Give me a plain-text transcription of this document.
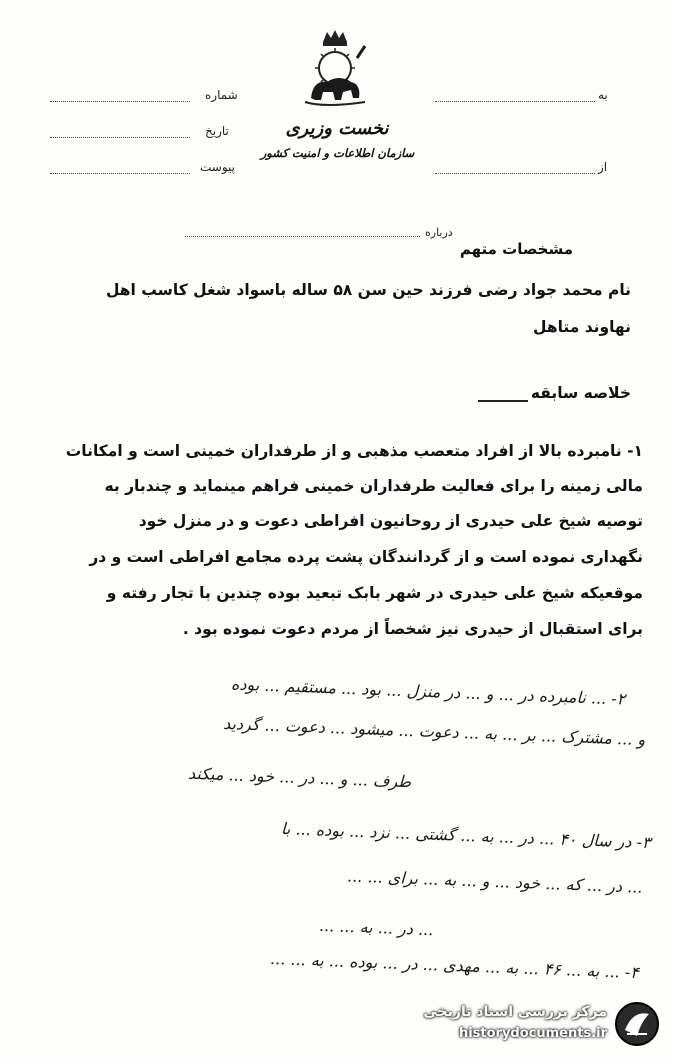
نخست وزیری
سازمان اطلاعات و امنیت کشور
شماره
تاریخ
پیوست
به
از
درباره
مشخصات متهم
نام محمد جواد رضی فرزند حین سن ۵۸ ساله باسواد شغل کاسب اهل
نهاوند متاهل
خلاصه سابقه
۱- نامبرده بالا از افراد متعصب مذهبی و از طرفداران خمینی است و امکانات
مالی زمینه را برای فعالیت طرفداران خمینی فراهم مینماید و چندبار به
توصیه شیخ علی حیدری از روحانیون افراطی دعوت و در منزل خود
نگهداری نموده است و از گردانندگان پشت پرده مجامع افراطی است و در
موقعیکه شیخ علی حیدری در شهر بابک تبعید بوده چندین با تجار رفته و
برای استقبال از حیدری نیز شخصاً از مردم دعوت نموده بود .
۲- ... نامبرده در ... و ... در منزل ... بود ... مستقیم ... بوده
و ... مشترک ... بر ... به ... دعوت ... میشود ... دعوت ... گردید
طرف ... و ... در ... خود ... میکند
۳- در سال ۴۰ ... در ... به ... گشتی ... نزد ... بوده ... با
... در ... که ... خود ... و ... به ... برای ... ...
... در ... به ... ...
۴- ... به ... ۴۶ ... به ... مهدی ... در ... بوده ... به ... ...
مرکز بررسی اسناد تاریخی
historydocuments.ir
